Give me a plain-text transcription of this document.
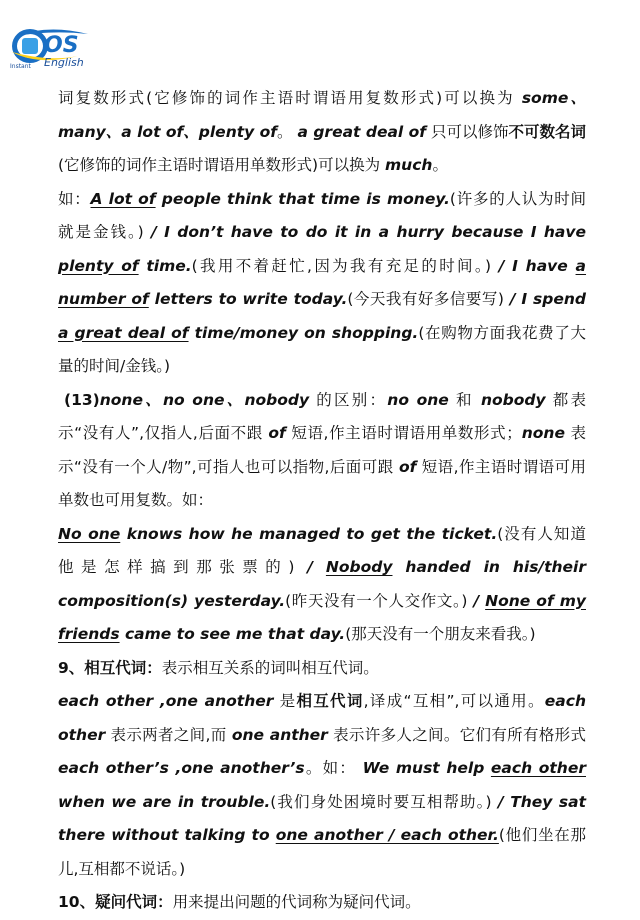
OS
English
Instant

词复数形式(它修饰的词作主语时谓语用复数形式)可以换为 some、many、a lot of、plenty of。 a great deal of 只可以修饰不可数名词(它修饰的词作主语时谓语用单数形式)可以换为 much。

如：A lot of people think that time is money.(许多的人认为时间就是金钱。) / I don’t have to do it in a hurry because I have plenty of time.(我用不着赶忙,因为我有充足的时间。) / I have a number of letters to write today.(今天我有好多信要写) / I spend a great deal of time/money on shopping.(在购物方面我花费了大量的时间/金钱。)

(13)none、no one、nobody 的区别：no one 和 nobody 都表示“没有人”,仅指人,后面不跟 of 短语,作主语时谓语用单数形式；none 表示“没有一个人/物”,可指人也可以指物,后面可跟 of 短语,作主语时谓语可用单数也可用复数。如：

No one knows how he managed to get the ticket.(没有人知道他是怎样搞到那张票的) / Nobody handed in his/their composition(s) yesterday.(昨天没有一个人交作文。) / None of my friends came to see me that day.(那天没有一个朋友来看我。)

9、相互代词：表示相互关系的词叫相互代词。

each other ,one another 是相互代词,译成“互相”,可以通用。each other 表示两者之间,而 one anther 表示许多人之间。它们有所有格形式 each other’s ,one another’s。如： We must help each other when we are in trouble.(我们身处困境时要互相帮助。) / They sat there without talking to one another / each other.(他们坐在那儿,互相都不说话。)

10、疑问代词：用来提出问题的代词称为疑问代词。
